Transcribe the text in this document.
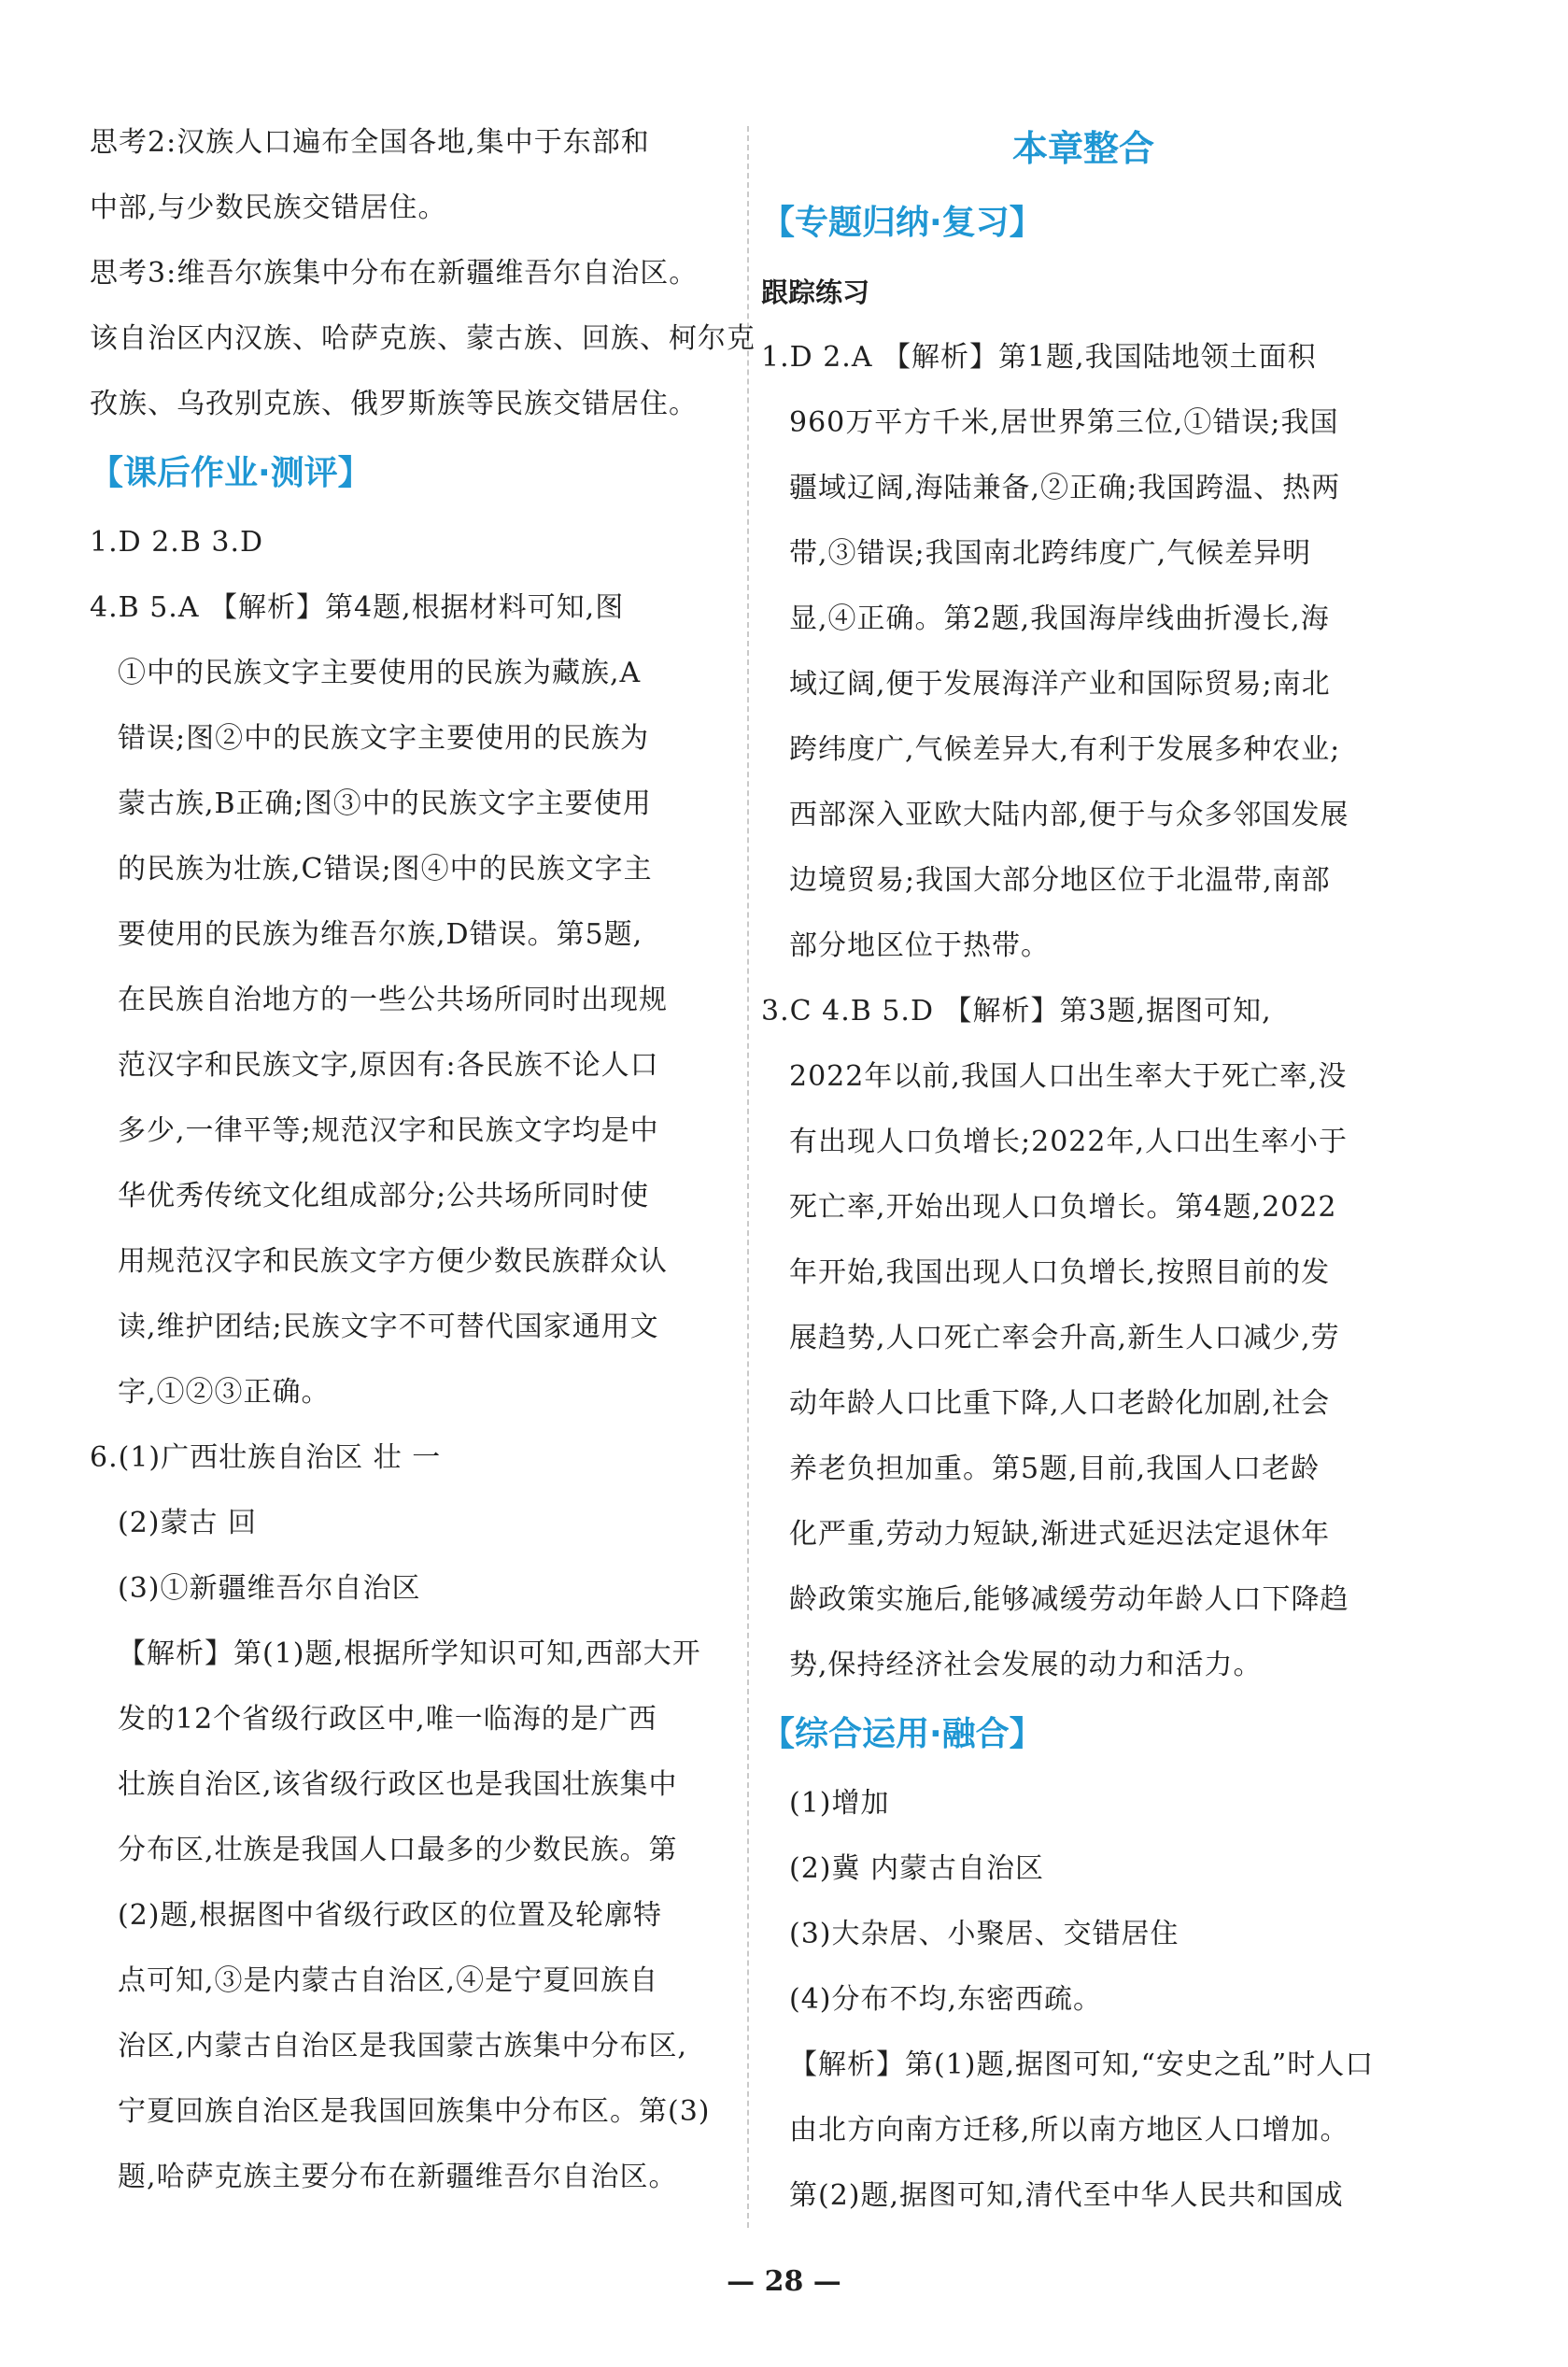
思考2:汉族人口遍布全国各地,集中于东部和
中部,与少数民族交错居住。
思考3:维吾尔族集中分布在新疆维吾尔自治区。
该自治区内汉族、哈萨克族、蒙古族、回族、柯尔克
孜族、乌孜别克族、俄罗斯族等民族交错居住。
【课后作业·测评】
1.D 2.B 3.D
4.B 5.A 【解析】第4题,根据材料可知,图
①中的民族文字主要使用的民族为藏族,A
错误;图②中的民族文字主要使用的民族为
蒙古族,B正确;图③中的民族文字主要使用
的民族为壮族,C错误;图④中的民族文字主
要使用的民族为维吾尔族,D错误。第5题,
在民族自治地方的一些公共场所同时出现规
范汉字和民族文字,原因有:各民族不论人口
多少,一律平等;规范汉字和民族文字均是中
华优秀传统文化组成部分;公共场所同时使
用规范汉字和民族文字方便少数民族群众认
读,维护团结;民族文字不可替代国家通用文
字,①②③正确。
6.(1)广西壮族自治区 壮 一
(2)蒙古 回
(3)①新疆维吾尔自治区
【解析】第(1)题,根据所学知识可知,西部大开
发的12个省级行政区中,唯一临海的是广西
壮族自治区,该省级行政区也是我国壮族集中
分布区,壮族是我国人口最多的少数民族。第
(2)题,根据图中省级行政区的位置及轮廓特
点可知,③是内蒙古自治区,④是宁夏回族自
治区,内蒙古自治区是我国蒙古族集中分布区,
宁夏回族自治区是我国回族集中分布区。第(3)
题,哈萨克族主要分布在新疆维吾尔自治区。
本章整合
【专题归纳·复习】
跟踪练习
1.D 2.A 【解析】第1题,我国陆地领土面积
960万平方千米,居世界第三位,①错误;我国
疆域辽阔,海陆兼备,②正确;我国跨温、热两
带,③错误;我国南北跨纬度广,气候差异明
显,④正确。第2题,我国海岸线曲折漫长,海
域辽阔,便于发展海洋产业和国际贸易;南北
跨纬度广,气候差异大,有利于发展多种农业;
西部深入亚欧大陆内部,便于与众多邻国发展
边境贸易;我国大部分地区位于北温带,南部
部分地区位于热带。
3.C 4.B 5.D 【解析】第3题,据图可知,
2022年以前,我国人口出生率大于死亡率,没
有出现人口负增长;2022年,人口出生率小于
死亡率,开始出现人口负增长。第4题,2022
年开始,我国出现人口负增长,按照目前的发
展趋势,人口死亡率会升高,新生人口减少,劳
动年龄人口比重下降,人口老龄化加剧,社会
养老负担加重。第5题,目前,我国人口老龄
化严重,劳动力短缺,渐进式延迟法定退休年
龄政策实施后,能够减缓劳动年龄人口下降趋
势,保持经济社会发展的动力和活力。
【综合运用·融合】
(1)增加
(2)冀 内蒙古自治区
(3)大杂居、小聚居、交错居住
(4)分布不均,东密西疏。
【解析】第(1)题,据图可知,“安史之乱”时人口
由北方向南方迁移,所以南方地区人口增加。
第(2)题,据图可知,清代至中华人民共和国成
— 28 —
